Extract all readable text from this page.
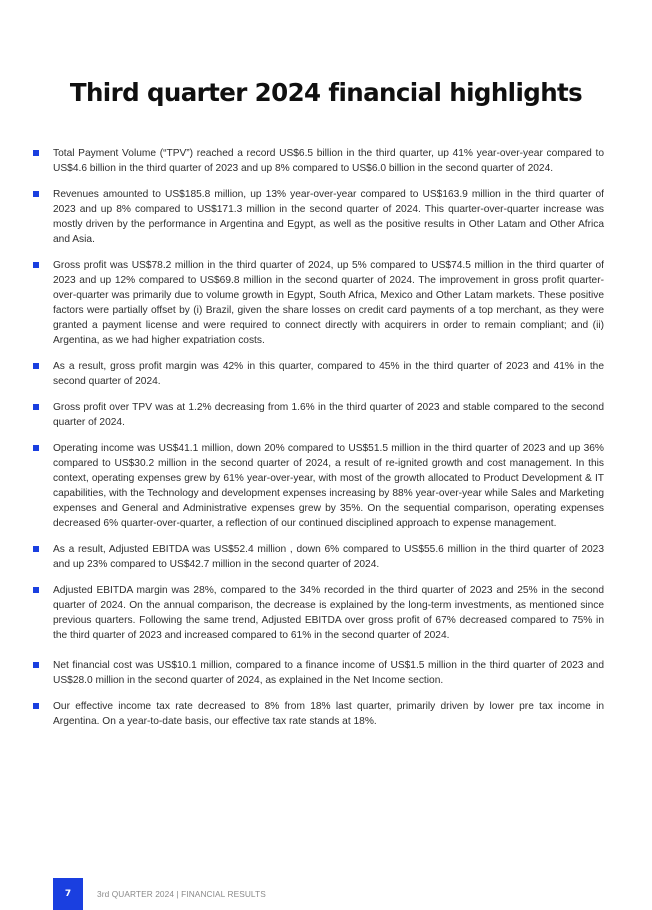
Third quarter 2024 financial highlights
Total Payment Volume (“TPV”) reached a record US$6.5 billion in the third quarter, up 41% year-over-year compared to US$4.6 billion in the third quarter of 2023 and up 8% compared to US$6.0 billion in the second quarter of 2024.
Revenues amounted to US$185.8 million, up 13% year-over-year compared to US$163.9 million in the third quarter of 2023 and up 8% compared to US$171.3 million in the second quarter of 2024. This quarter-over-quarter increase was mostly driven by the performance in Argentina and Egypt, as well as the positive results in Other Latam and Other Africa and Asia.
Gross profit was US$78.2 million in the third quarter of 2024, up 5% compared to US$74.5 million in the third quarter of 2023 and up 12% compared to US$69.8 million in the second quarter of 2024. The improvement in gross profit quarter-over-quarter was primarily due to volume growth in Egypt, South Africa, Mexico and Other Latam markets. These positive factors were partially offset by (i) Brazil, given the share losses on credit card payments of a top merchant, as they were granted a payment license and were required to connect directly with acquirers in order to remain compliant; and (ii) Argentina, as we had higher expatriation costs.
As a result, gross profit margin was 42% in this quarter, compared to 45% in the third quarter of 2023 and 41% in the second quarter of 2024.
Gross profit over TPV was at 1.2% decreasing from 1.6% in the third quarter of 2023 and stable compared to the second quarter of 2024.
Operating income was US$41.1 million, down 20% compared to US$51.5 million in the third quarter of 2023 and up 36% compared to US$30.2 million in the second quarter of 2024, a result of re-ignited growth and cost management. In this context, operating expenses grew by 61% year-over-year, with most of the growth allocated to Product Development & IT capabilities, with the Technology and development expenses increasing by 88% year-over-year while Sales and Marketing expenses and General and Administrative expenses grew by 35%. On the sequential comparison, operating expenses decreased 6% quarter-over-quarter, a reflection of our continued disciplined approach to expense management.
As a result, Adjusted EBITDA was US$52.4 million , down 6% compared to US$55.6 million in the third quarter of 2023 and up 23% compared to US$42.7 million in the second quarter of 2024.
Adjusted EBITDA margin was 28%, compared to the 34% recorded in the third quarter of 2023 and 25% in the second quarter of 2024. On the annual comparison, the decrease is explained by the long-term investments, as mentioned since previous quarters. Following the same trend, Adjusted EBITDA over gross profit of 67% decreased compared to 75% in the third quarter of 2023 and increased compared to 61% in the second quarter of 2024.
Net financial cost was US$10.1 million, compared to a finance income of US$1.5 million in the third quarter of 2023 and US$28.0 million in the second quarter of 2024, as explained in the Net Income section.
Our effective income tax rate decreased to 8% from 18% last quarter, primarily driven by lower pre tax income in Argentina. On a year-to-date basis, our effective tax rate stands at 18%.
7	3rd QUARTER 2024 | FINANCIAL RESULTS
